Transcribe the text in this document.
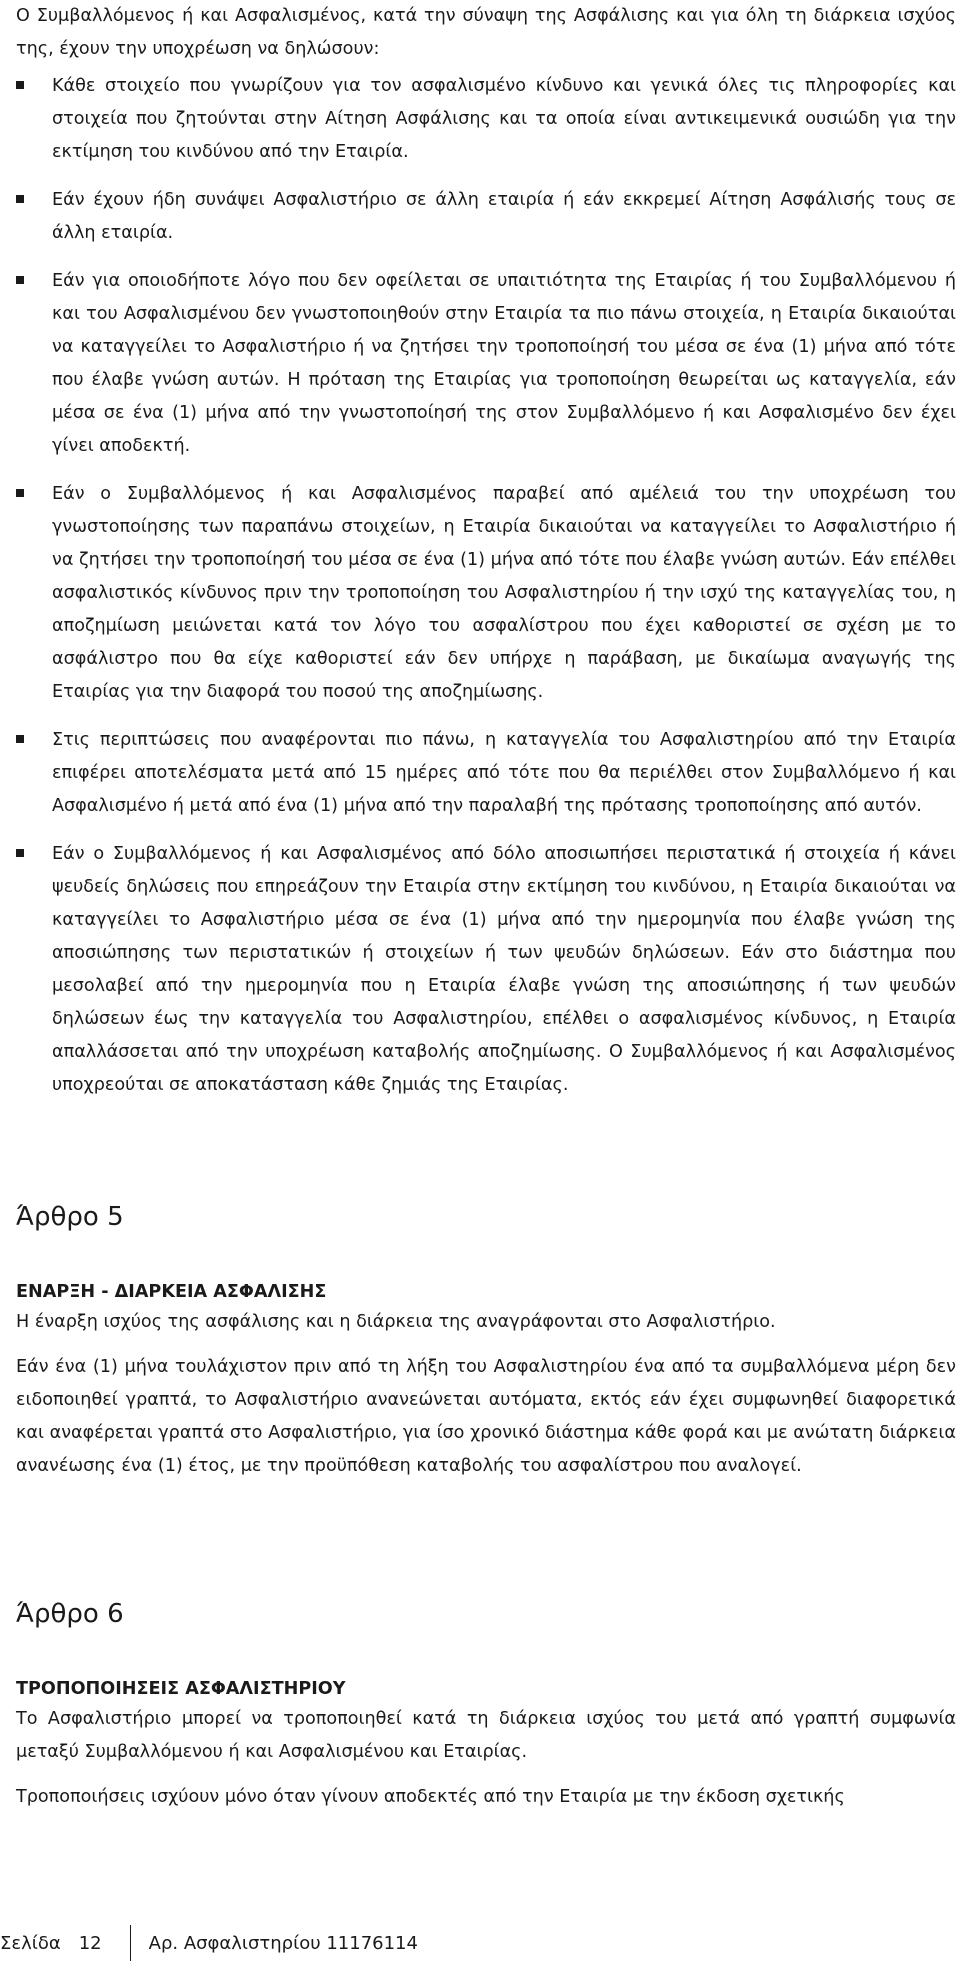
Ο Συμβαλλόμενος ή και Ασφαλισμένος, κατά την σύναψη της Ασφάλισης και για όλη τη διάρκεια ισχύος της, έχουν την υποχρέωση να δηλώσουν:

Κάθε στοιχείο που γνωρίζουν για τον ασφαλισμένο κίνδυνο και γενικά όλες τις πληροφορίες και στοιχεία που ζητούνται στην Αίτηση Ασφάλισης και τα οποία είναι αντικειμενικά ουσιώδη για την εκτίμηση του κινδύνου από την Εταιρία.

Εάν έχουν ήδη συνάψει Ασφαλιστήριο σε άλλη εταιρία ή εάν εκκρεμεί Αίτηση Ασφάλισής τους σε άλλη εταιρία.

Εάν για οποιοδήποτε λόγο που δεν οφείλεται σε υπαιτιότητα της Εταιρίας ή του Συμβαλλόμενου ή και του Ασφαλισμένου δεν γνωστοποιηθούν στην Εταιρία τα πιο πάνω στοιχεία, η Εταιρία δικαιούται να καταγγείλει το Ασφαλιστήριο ή να ζητήσει την τροποποίησή του μέσα σε ένα (1) μήνα από τότε που έλαβε γνώση αυτών. Η πρόταση της Εταιρίας για τροποποίηση θεωρείται ως καταγγελία, εάν μέσα σε ένα (1) μήνα από την γνωστοποίησή της στον Συμβαλλόμενο ή και Ασφαλισμένο δεν έχει γίνει αποδεκτή.

Εάν ο Συμβαλλόμενος ή και Ασφαλισμένος παραβεί από αμέλειά του την υποχρέωση του γνωστοποίησης των παραπάνω στοιχείων, η Εταιρία δικαιούται να καταγγείλει το Ασφαλιστήριο ή να ζητήσει την τροποποίησή του μέσα σε ένα (1) μήνα από τότε που έλαβε γνώση αυτών. Εάν επέλθει ασφαλιστικός κίνδυνος πριν την τροποποίηση του Ασφαλιστηρίου ή την ισχύ της καταγγελίας του, η αποζημίωση μειώνεται κατά τον λόγο του ασφαλίστρου που έχει καθοριστεί σε σχέση με το ασφάλιστρο που θα είχε καθοριστεί εάν δεν υπήρχε η παράβαση, με δικαίωμα αναγωγής της Εταιρίας για την διαφορά του ποσού της αποζημίωσης.

Στις περιπτώσεις που αναφέρονται πιο πάνω, η καταγγελία του Ασφαλιστηρίου από την Εταιρία επιφέρει αποτελέσματα μετά από 15 ημέρες από τότε που θα περιέλθει στον Συμβαλλόμενο ή και Ασφαλισμένο ή μετά από ένα (1) μήνα από την παραλαβή της πρότασης τροποποίησης από αυτόν.

Εάν ο Συμβαλλόμενος ή και Ασφαλισμένος από δόλο αποσιωπήσει περιστατικά ή στοιχεία ή κάνει ψευδείς δηλώσεις που επηρεάζουν την Εταιρία στην εκτίμηση του κινδύνου, η Εταιρία δικαιούται να καταγγείλει το Ασφαλιστήριο μέσα σε ένα (1) μήνα από την ημερομηνία που έλαβε γνώση της αποσιώπησης των περιστατικών ή στοιχείων ή των ψευδών δηλώσεων. Εάν στο διάστημα που μεσολαβεί από την ημερομηνία που η Εταιρία έλαβε γνώση της αποσιώπησης ή των ψευδών δηλώσεων έως την καταγγελία του Ασφαλιστηρίου, επέλθει ο ασφαλισμένος κίνδυνος, η Εταιρία απαλλάσσεται από την υποχρέωση καταβολής αποζημίωσης. Ο Συμβαλλόμενος ή και Ασφαλισμένος υποχρεούται σε αποκατάσταση κάθε ζημιάς της Εταιρίας.

Άρθρο 5
ΕΝΑΡΞΗ - ΔΙΑΡΚΕΙΑ ΑΣΦΑΛΙΣΗΣ

Η έναρξη ισχύος της ασφάλισης και η διάρκεια της αναγράφονται στο Ασφαλιστήριο.

Εάν ένα (1) μήνα τουλάχιστον πριν από τη λήξη του Ασφαλιστηρίου ένα από τα συμβαλλόμενα μέρη δεν ειδοποιηθεί γραπτά, το Ασφαλιστήριο ανανεώνεται αυτόματα, εκτός εάν έχει συμφωνηθεί διαφορετικά και αναφέρεται γραπτά στο Ασφαλιστήριο, για ίσο χρονικό διάστημα κάθε φορά και με ανώτατη διάρκεια ανανέωσης ένα (1) έτος, με την προϋπόθεση καταβολής του ασφαλίστρου που αναλογεί.

Άρθρο 6
ΤΡΟΠΟΠΟΙΗΣΕΙΣ ΑΣΦΑΛΙΣΤΗΡΙΟΥ

Το Ασφαλιστήριο μπορεί να τροποποιηθεί κατά τη διάρκεια ισχύος του μετά από γραπτή συμφωνία μεταξύ Συμβαλλόμενου ή και Ασφαλισμένου και Εταιρίας.

Τροποποιήσεις ισχύουν μόνο όταν γίνουν αποδεκτές από την Εταιρία με την έκδοση σχετικής

Σελίδα	12	Αρ. Ασφαλιστηρίου 11176114
